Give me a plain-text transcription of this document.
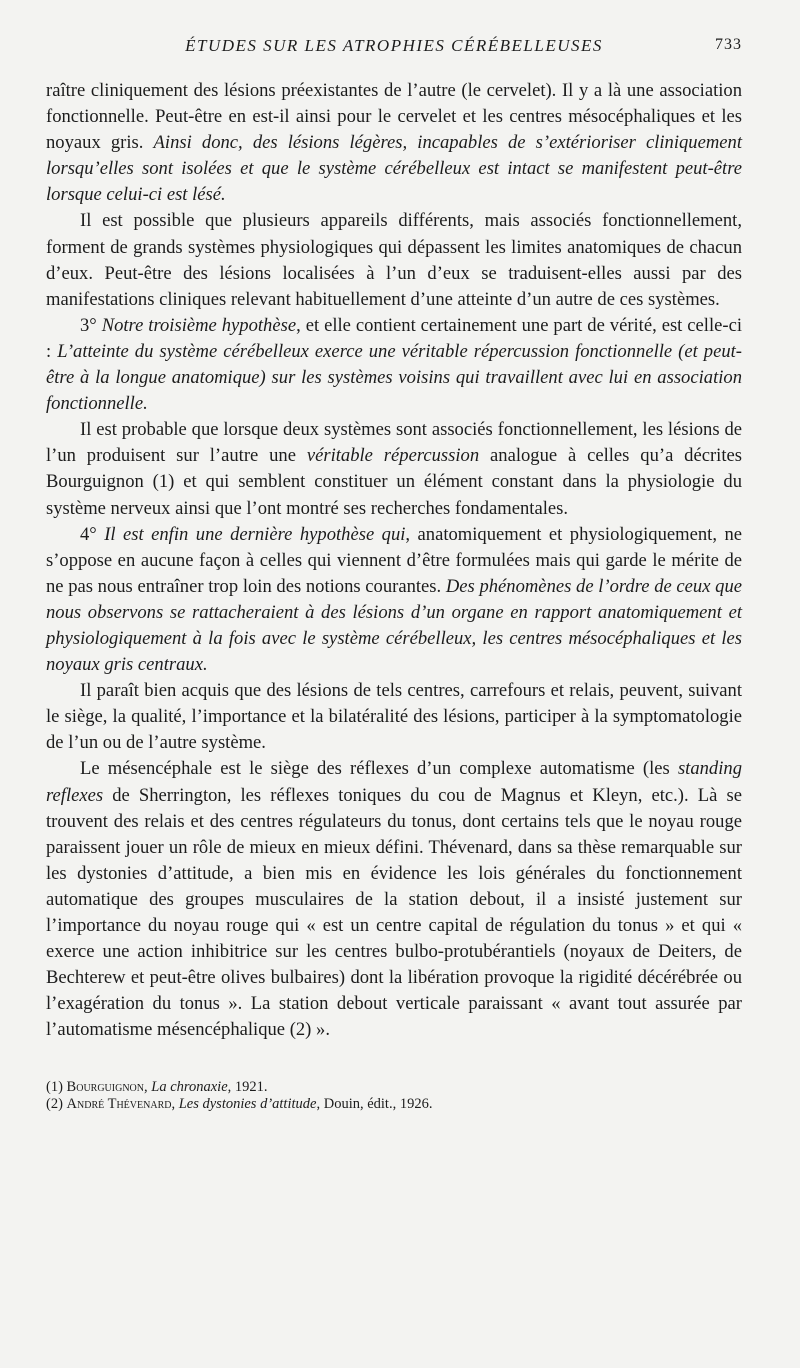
ÉTUDES SUR LES ATROPHIES CÉRÉBELLEUSES	733

raître cliniquement des lésions préexistantes de l’autre (le cervelet). Il y a là une association fonctionnelle. Peut-être en est-il ainsi pour le cervelet et les centres mésocéphaliques et les noyaux gris. Ainsi donc, des lésions légères, incapables de s’extérioriser cliniquement lorsqu’elles sont isolées et que le système cérébelleux est intact se manifestent peut-être lorsque celui-ci est lésé.

Il est possible que plusieurs appareils différents, mais associés fonctionnellement, forment de grands systèmes physiologiques qui dépassent les limites anatomiques de chacun d’eux. Peut-être des lésions localisées à l’un d’eux se traduisent-elles aussi par des manifestations cliniques relevant habituellement d’une atteinte d’un autre de ces systèmes.

3° Notre troisième hypothèse, et elle contient certainement une part de vérité, est celle-ci : L’atteinte du système cérébelleux exerce une véritable répercussion fonctionnelle (et peut-être à la longue anatomique) sur les systèmes voisins qui travaillent avec lui en association fonctionnelle.

Il est probable que lorsque deux systèmes sont associés fonctionnellement, les lésions de l’un produisent sur l’autre une véritable répercussion analogue à celles qu’a décrites Bourguignon (1) et qui semblent constituer un élément constant dans la physiologie du système nerveux ainsi que l’ont montré ses recherches fondamentales.

4° Il est enfin une dernière hypothèse qui, anatomiquement et physiologiquement, ne s’oppose en aucune façon à celles qui viennent d’être formulées mais qui garde le mérite de ne pas nous entraîner trop loin des notions courantes. Des phénomènes de l’ordre de ceux que nous observons se rattacheraient à des lésions d’un organe en rapport anatomiquement et physiologiquement à la fois avec le système cérébelleux, les centres mésocéphaliques et les noyaux gris centraux.

Il paraît bien acquis que des lésions de tels centres, carrefours et relais, peuvent, suivant le siège, la qualité, l’importance et la bilatéralité des lésions, participer à la symptomatologie de l’un ou de l’autre système.

Le mésencéphale est le siège des réflexes d’un complexe automatisme (les standing reflexes de Sherrington, les réflexes toniques du cou de Magnus et Kleyn, etc.). Là se trouvent des relais et des centres régulateurs du tonus, dont certains tels que le noyau rouge paraissent jouer un rôle de mieux en mieux défini. Thévenard, dans sa thèse remarquable sur les dystonies d’attitude, a bien mis en évidence les lois générales du fonctionnement automatique des groupes musculaires de la station debout, il a insisté justement sur l’importance du noyau rouge qui « est un centre capital de régulation du tonus » et qui « exerce une action inhibitrice sur les centres bulbo-protubérantiels (noyaux de Deiters, de Bechterew et peut-être olives bulbaires) dont la libération provoque la rigidité décérébrée ou l’exagération du tonus ». La station debout verticale paraissant « avant tout assurée par l’automatisme mésencéphalique (2) ».

(1) Bourguignon, La chronaxie, 1921.

(2) André Thévenard, Les dystonies d’attitude, Douin, édit., 1926.
